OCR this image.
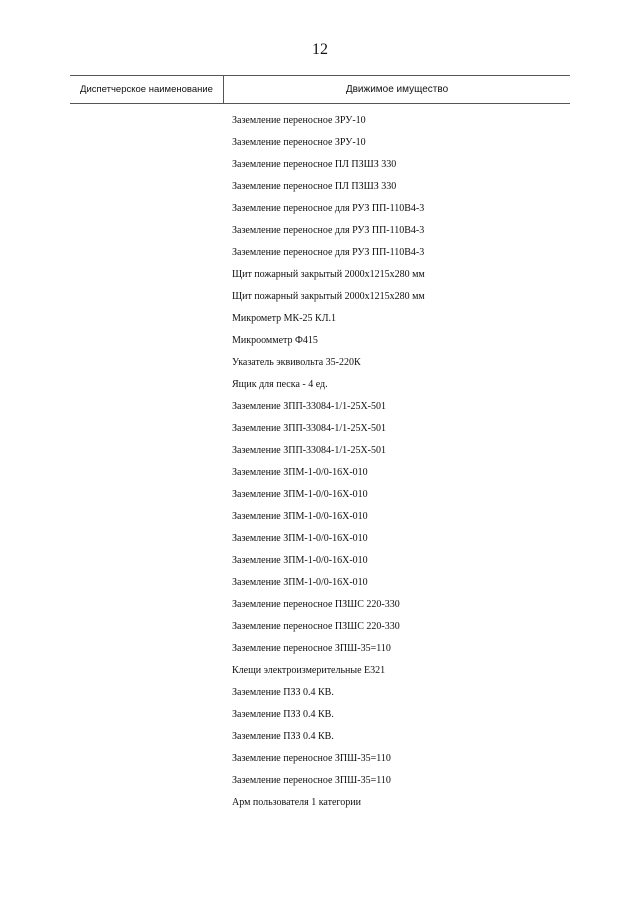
12
Диспетчерское наименование	Движимое имущество
Заземление переносное ЗРУ-10
Заземление переносное ЗРУ-10
Заземление переносное ПЛ ПЗШЗ 330
Заземление переносное ПЛ ПЗШЗ 330
Заземление переносное для РУЗ ПП-110В4-3
Заземление переносное для РУЗ ПП-110В4-3
Заземление переносное для РУЗ ПП-110В4-3
Щит пожарный закрытый 2000х1215х280 мм
Щит пожарный закрытый 2000х1215х280 мм
Микрометр МК-25 КЛ.1
Микроомметр Ф415
Указатель эквивольта 35-220К
Ящик для песка - 4 ед.
Заземление ЗПП-33084-1/1-25Х-501
Заземление ЗПП-33084-1/1-25Х-501
Заземление ЗПП-33084-1/1-25Х-501
Заземление ЗПМ-1-0/0-16Х-010
Заземление ЗПМ-1-0/0-16Х-010
Заземление ЗПМ-1-0/0-16Х-010
Заземление ЗПМ-1-0/0-16Х-010
Заземление ЗПМ-1-0/0-16Х-010
Заземление ЗПМ-1-0/0-16Х-010
Заземление переносное ПЗШС 220-330
Заземление переносное ПЗШС 220-330
Заземление переносное ЗПШ-35=110
Клещи электроизмерительные Е321
Заземление ПЗЗ 0.4 КВ.
Заземление ПЗЗ 0.4 КВ.
Заземление ПЗЗ 0.4 КВ.
Заземление переносное ЗПШ-35=110
Заземление переносное ЗПШ-35=110
Арм пользователя 1 категории
